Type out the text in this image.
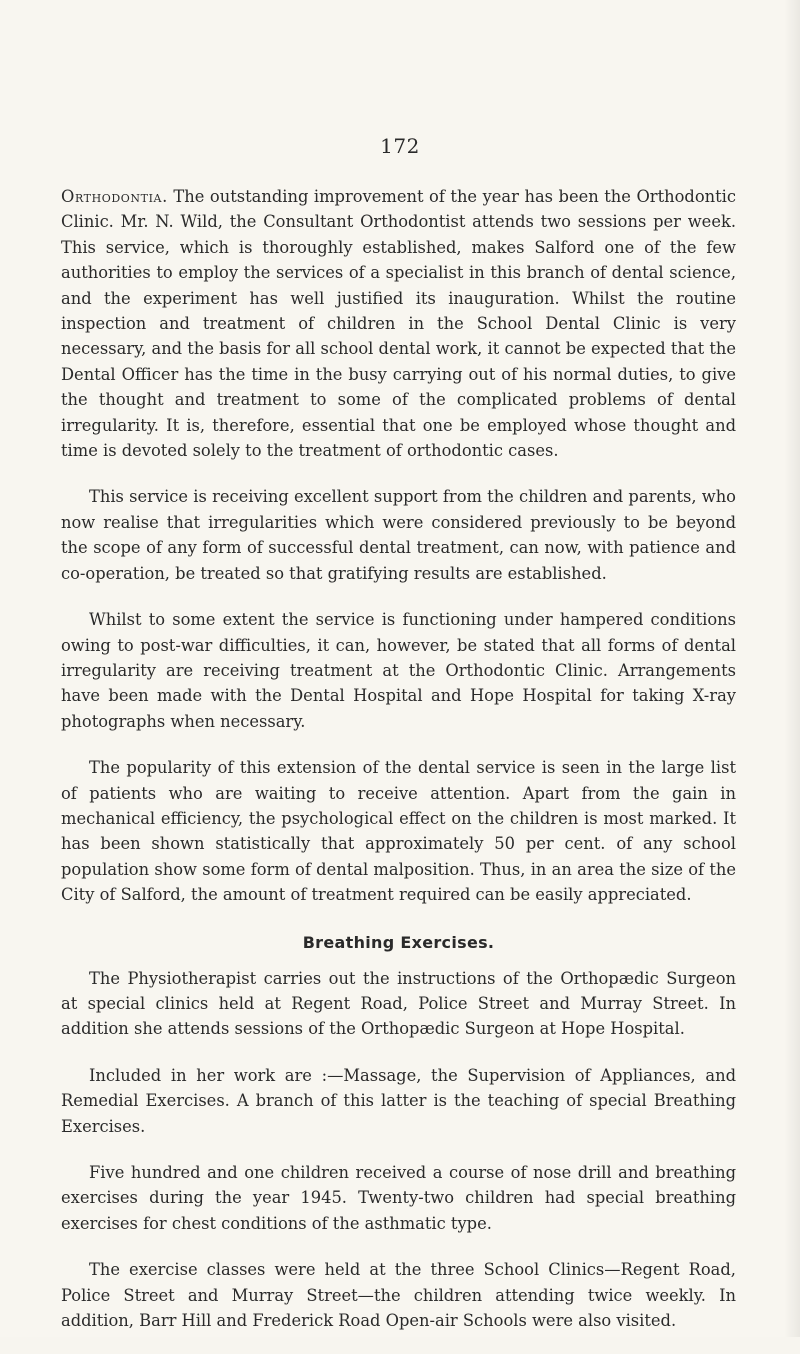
172

Orthodontia. The outstanding improvement of the year has been the Orthodontic Clinic. Mr. N. Wild, the Consultant Orthodontist attends two sessions per week. This service, which is thoroughly established, makes Salford one of the few authorities to employ the services of a specialist in this branch of dental science, and the experiment has well justified its inauguration. Whilst the routine inspection and treatment of children in the School Dental Clinic is very necessary, and the basis for all school dental work, it cannot be expected that the Dental Officer has the time in the busy carrying out of his normal duties, to give the thought and treatment to some of the complicated problems of dental irregularity. It is, therefore, essential that one be employed whose thought and time is devoted solely to the treatment of orthodontic cases.

This service is receiving excellent support from the children and parents, who now realise that irregularities which were considered previously to be beyond the scope of any form of successful dental treatment, can now, with patience and co-operation, be treated so that gratifying results are established.

Whilst to some extent the service is functioning under hampered conditions owing to post-war difficulties, it can, however, be stated that all forms of dental irregularity are receiving treatment at the Orthodontic Clinic. Arrangements have been made with the Dental Hospital and Hope Hospital for taking X-ray photographs when necessary.

The popularity of this extension of the dental service is seen in the large list of patients who are waiting to receive attention. Apart from the gain in mechanical efficiency, the psychological effect on the children is most marked. It has been shown statistically that approximately 50 per cent. of any school population show some form of dental malposition. Thus, in an area the size of the City of Salford, the amount of treatment required can be easily appreciated.

Breathing Exercises.

The Physiotherapist carries out the instructions of the Orthopædic Surgeon at special clinics held at Regent Road, Police Street and Murray Street. In addition she attends sessions of the Orthopædic Surgeon at Hope Hospital.

Included in her work are :—Massage, the Supervision of Appliances, and Remedial Exercises. A branch of this latter is the teaching of special Breathing Exercises.

Five hundred and one children received a course of nose drill and breathing exercises during the year 1945. Twenty-two children had special breathing exercises for chest conditions of the asthmatic type.

The exercise classes were held at the three School Clinics—Regent Road, Police Street and Murray Street—the children attending twice weekly. In addition, Barr Hill and Frederick Road Open-air Schools were also visited.
